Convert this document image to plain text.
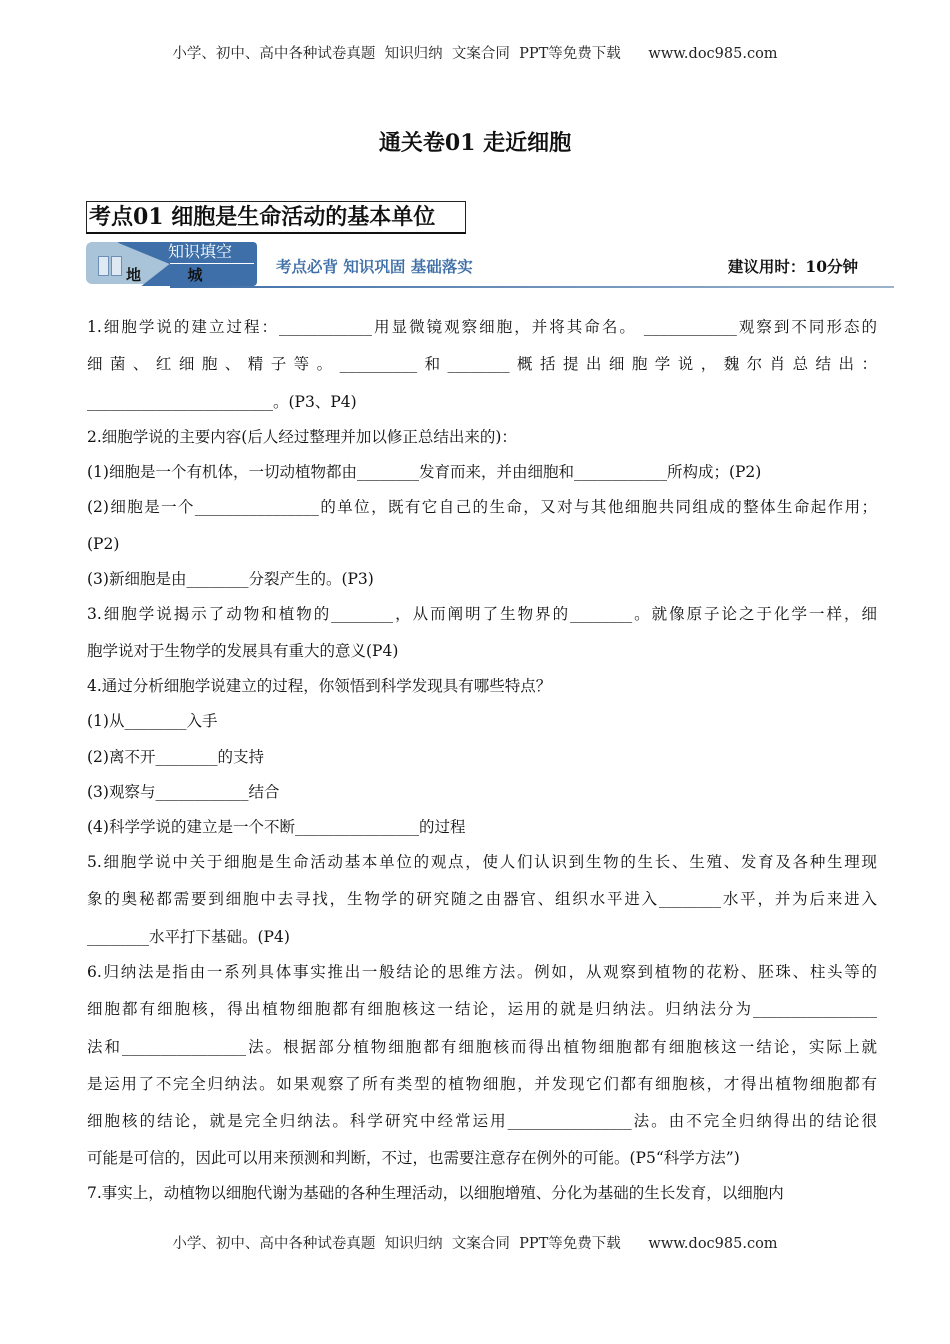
小学、初中、高中各种试卷真题  知识归纳  文案合同  PPT等免费下载      www.doc985.com
通关卷01 走近细胞
考点01 细胞是生命活动的基本单位
知识填空
地  城	考点必背 知识巩固 基础落实	建议用时：10分钟
1.细胞学说的建立过程：____________用显微镜观察细胞，并将其命名。 ____________观察到不同形态的
细菌、红细胞、精子等。__________和________概括提出细胞学说，魏尔肖总结出：
________________________。(P3、P4)
2.细胞学说的主要内容(后人经过整理并加以修正总结出来的)：
(1)细胞是一个有机体，一切动植物都由________发育而来，并由细胞和____________所构成；(P2)
(2)细胞是一个________________的单位，既有它自己的生命，又对与其他细胞共同组成的整体生命起作用；
(P2)
(3)新细胞是由________分裂产生的。(P3)
3.细胞学说揭示了动物和植物的________，从而阐明了生物界的________。就像原子论之于化学一样，细
胞学说对于生物学的发展具有重大的意义(P4)
4.通过分析细胞学说建立的过程，你领悟到科学发现具有哪些特点？
(1)从________入手
(2)离不开________的支持
(3)观察与____________结合
(4)科学学说的建立是一个不断________________的过程
5.细胞学说中关于细胞是生命活动基本单位的观点，使人们认识到生物的生长、生殖、发育及各种生理现
象的奥秘都需要到细胞中去寻找，生物学的研究随之由器官、组织水平进入________水平，并为后来进入
________水平打下基础。(P4)
6.归纳法是指由一系列具体事实推出一般结论的思维方法。例如，从观察到植物的花粉、胚珠、柱头等的
细胞都有细胞核，得出植物细胞都有细胞核这一结论，运用的就是归纳法。归纳法分为________________
法和________________法。根据部分植物细胞都有细胞核而得出植物细胞都有细胞核这一结论，实际上就
是运用了不完全归纳法。如果观察了所有类型的植物细胞，并发现它们都有细胞核，才得出植物细胞都有
细胞核的结论，就是完全归纳法。科学研究中经常运用________________法。由不完全归纳得出的结论很
可能是可信的，因此可以用来预测和判断，不过，也需要注意存在例外的可能。(P5“科学方法”)
7.事实上，动植物以细胞代谢为基础的各种生理活动，以细胞增殖、分化为基础的生长发育，以细胞内
小学、初中、高中各种试卷真题  知识归纳  文案合同  PPT等免费下载      www.doc985.com
